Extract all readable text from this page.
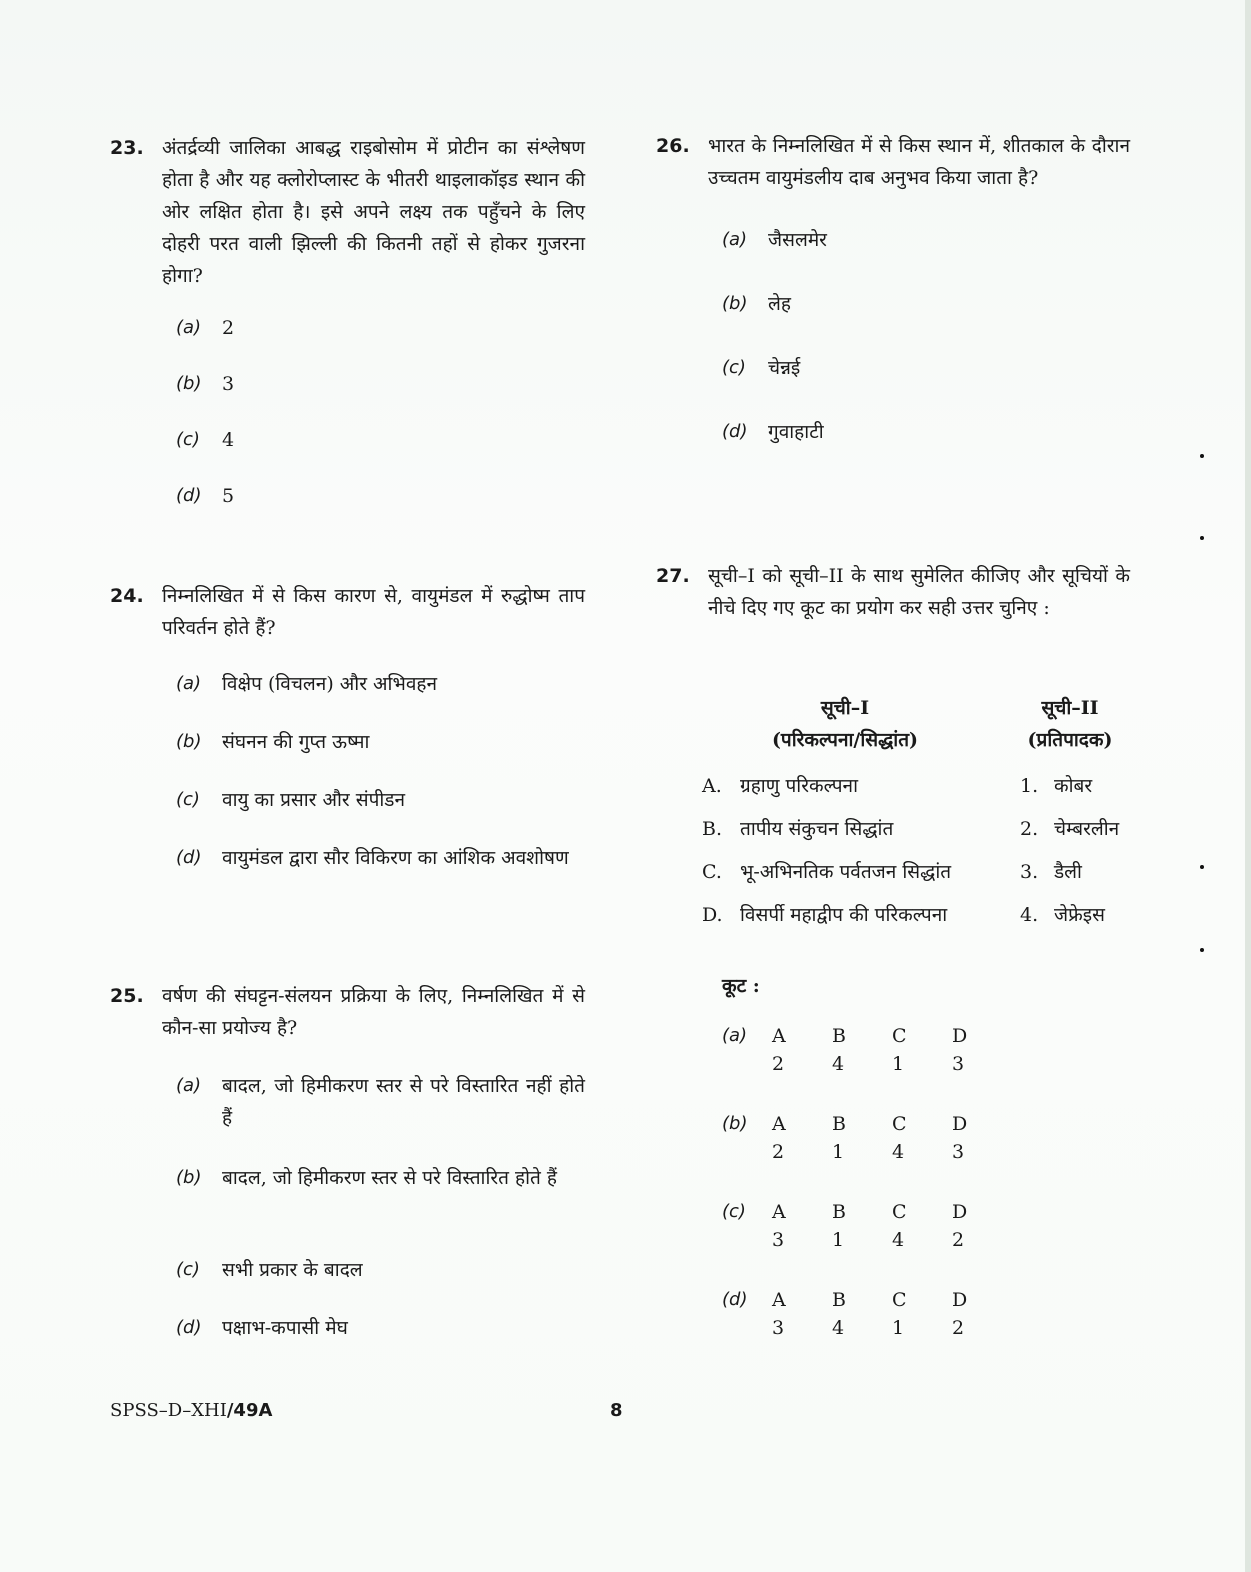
23. अंतर्द्रव्यी जालिका आबद्ध राइबोसोम में प्रोटीन का संश्लेषण होता है और यह क्लोरोप्लास्ट के भीतरी थाइलाकॉइड स्थान की ओर लक्षित होता है। इसे अपने लक्ष्य तक पहुँचने के लिए दोहरी परत वाली झिल्ली की कितनी तहों से होकर गुजरना होगा?
(a)	2
(b)	3
(c)	4
(d)	5
24. निम्नलिखित में से किस कारण से, वायुमंडल में रुद्धोष्म ताप परिवर्तन होते हैं?
(a)	विक्षेप (विचलन) और अभिवहन
(b)	संघनन की गुप्त ऊष्मा
(c)	वायु का प्रसार और संपीडन
(d)	वायुमंडल द्वारा सौर विकिरण का आंशिक अवशोषण
25. वर्षण की संघट्टन-संलयन प्रक्रिया के लिए, निम्नलिखित में से कौन-सा प्रयोज्य है?
(a)	बादल, जो हिमीकरण स्तर से परे विस्तारित नहीं होते हैं
(b)	बादल, जो हिमीकरण स्तर से परे विस्तारित होते हैं
(c)	सभी प्रकार के बादल
(d)	पक्षाभ-कपासी मेघ
26. भारत के निम्नलिखित में से किस स्थान में, शीतकाल के दौरान उच्चतम वायुमंडलीय दाब अनुभव किया जाता है?
(a)	जैसलमेर
(b)	लेह
(c)	चेन्नई
(d)	गुवाहाटी
27. सूची–I को सूची–II के साथ सुमेलित कीजिए और सूचियों के नीचे दिए गए कूट का प्रयोग कर सही उत्तर चुनिए :
सूची–I
(परिकल्पना/सिद्धांत)
सूची–II
(प्रतिपादक)
A. ग्रहाणु परिकल्पना	1. कोबर
B. तापीय संकुचन सिद्धांत	2. चेम्बरलीन
C. भू-अभिनतिक पर्वतजन सिद्धांत	3. डैली
D. विसर्पी महाद्वीप की परिकल्पना	4. जेफ्रेइस
कूट :
(a) A	B	C	D
2	4	1	3
(b) A	B	C	D
2	1	4	3
(c) A	B	C	D
3	1	4	2
(d) A	B	C	D
3	4	1	2
SPSS–D–XHI/49A	8
